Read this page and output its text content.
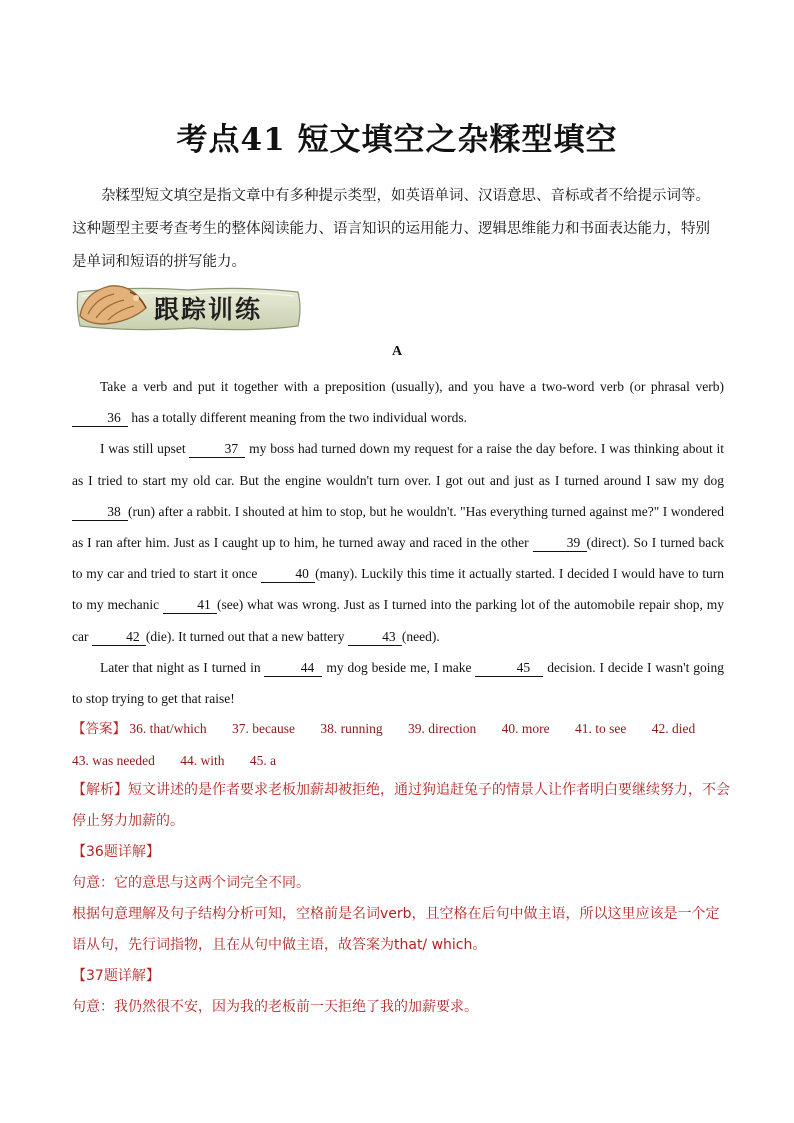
考点41 短文填空之杂糅型填空
杂糅型短文填空是指文章中有多种提示类型，如英语单词、汉语意思、音标或者不给提示词等。这种题型主要考查考生的整体阅读能力、语言知识的运用能力、逻辑思维能力和书面表达能力，特别是单词和短语的拼写能力。
跟踪训练
A

Take a verb and put it together with a preposition (usually), and you have a two-word verb (or phrasal verb) 36 has a totally different meaning from the two individual words.

I was still upset	37 my boss had turned down my request for a raise the day before. I was thinking about it as I tried to start my old car. But the engine wouldn't turn over. I got out and just as I turned around I saw my dog 38 (run) after a rabbit. I shouted at him to stop, but he wouldn't. "Has everything turned against me?" I wondered as I ran after him. Just as I caught up to him, he turned away and raced in the other	39 (direct). So I turned back to my car and tried to start it once	40 (many). Luckily this time it actually started. I decided I would have to turn to my mechanic	41 (see) what was wrong. Just as I turned into the parking lot of the automobile repair shop, my car	42 (die). It turned out that a new battery	43 (need).

Later that night as I turned in	44 my dog beside me, I make	45 decision. I decide I wasn't going to stop trying to get that raise!

【答案】 36. that/which 37. because 38. running 39. direction 40. more 41. to see 42. died 43. was needed 44. with 45. a
【解析】短文讲述的是作者要求老板加薪却被拒绝，通过狗追赶兔子的情景人让作者明白要继续努力，不会停止努力加薪的。
【36题详解】
句意：它的意思与这两个词完全不同。
根据句意理解及句子结构分析可知，空格前是名词verb，且空格在后句中做主语，所以这里应该是一个定语从句，先行词指物，且在从句中做主语，故答案为that/ which。
【37题详解】
句意：我仍然很不安，因为我的老板前一天拒绝了我的加薪要求。
